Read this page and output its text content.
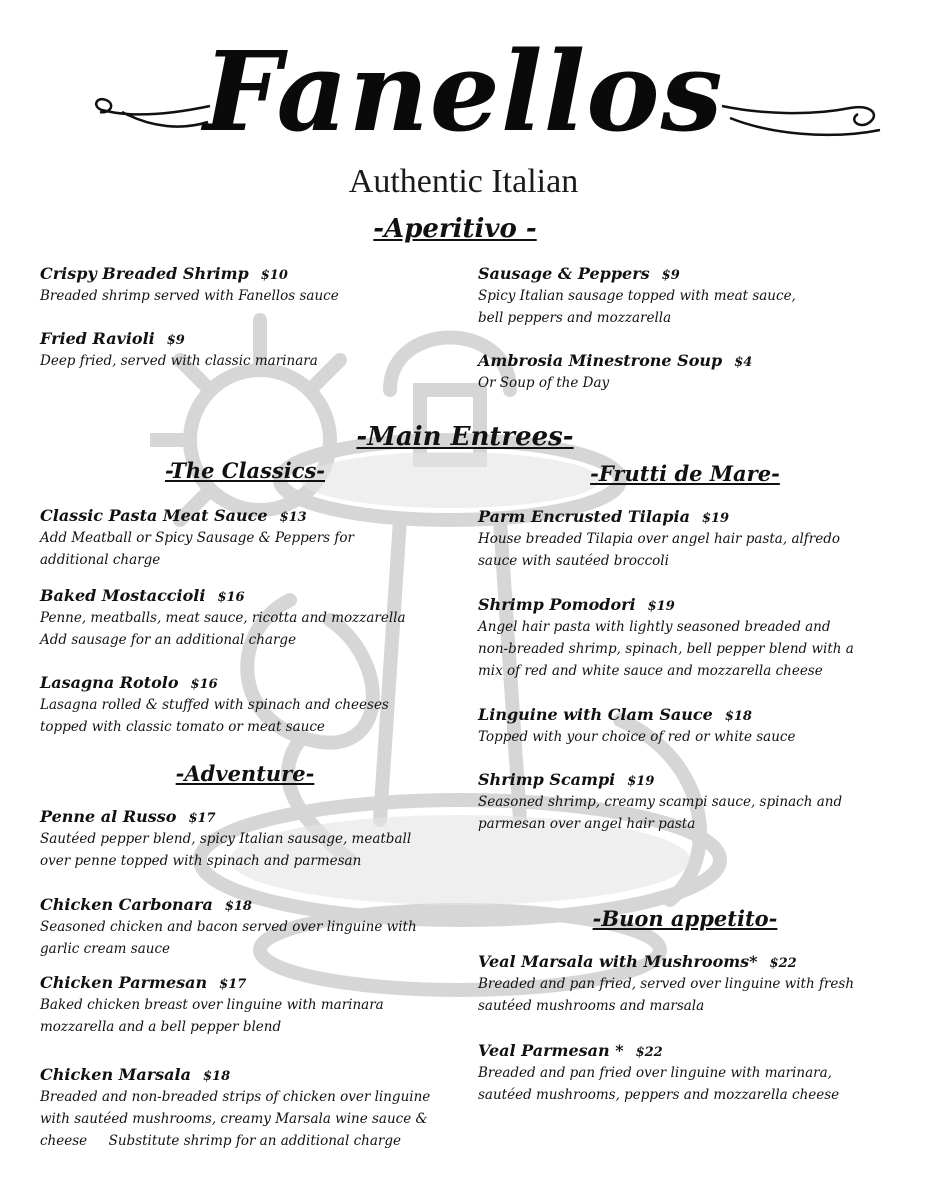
Fanellos
Authentic Italian
-Aperitivo -
-Main Entrees-
-The Classics-	-Frutti de Mare-
-Adventure-
-Buon appetito-
Crispy Breaded Shrimp $10
Breaded shrimp served with Fanellos sauce
Fried Ravioli $9
Deep fried, served with classic marinara
Sausage & Peppers $9
Spicy Italian sausage topped with meat sauce,
bell peppers and mozzarella
Ambrosia Minestrone Soup $4
Or Soup of the Day
Classic Pasta Meat Sauce $13
Add Meatball or Spicy Sausage & Peppers for
additional charge
Baked Mostaccioli $16
Penne, meatballs, meat sauce, ricotta and mozzarella
Add sausage for an additional charge
Lasagna Rotolo $16
Lasagna rolled & stuffed with spinach and cheeses
topped with classic tomato or meat sauce
Penne al Russo $17
Sautéed pepper blend, spicy Italian sausage, meatball
over penne topped with spinach and parmesan
Chicken Carbonara $18
Seasoned chicken and bacon served over linguine with
garlic cream sauce
Chicken Parmesan $17
Baked chicken breast over linguine with marinara
mozzarella and a bell pepper blend
Chicken Marsala $18
Breaded and non-breaded strips of chicken over linguine
with sautéed mushrooms, creamy Marsala wine sauce &
cheese     Substitute shrimp for an additional charge
Parm Encrusted Tilapia $19
House breaded Tilapia over angel hair pasta, alfredo
sauce with sautéed broccoli
Shrimp Pomodori $19
Angel hair pasta with lightly seasoned breaded and
non-breaded shrimp, spinach, bell pepper blend with a
mix of red and white sauce and mozzarella cheese
Linguine with Clam Sauce $18
Topped with your choice of red or white sauce
Shrimp Scampi $19
Seasoned shrimp, creamy scampi sauce, spinach and
parmesan over angel hair pasta
Veal Marsala with Mushrooms* $22
Breaded and pan fried, served over linguine with fresh
sautéed mushrooms and marsala
Veal Parmesan * $22
Breaded and pan fried over linguine with marinara,
sautéed mushrooms, peppers and mozzarella cheese
